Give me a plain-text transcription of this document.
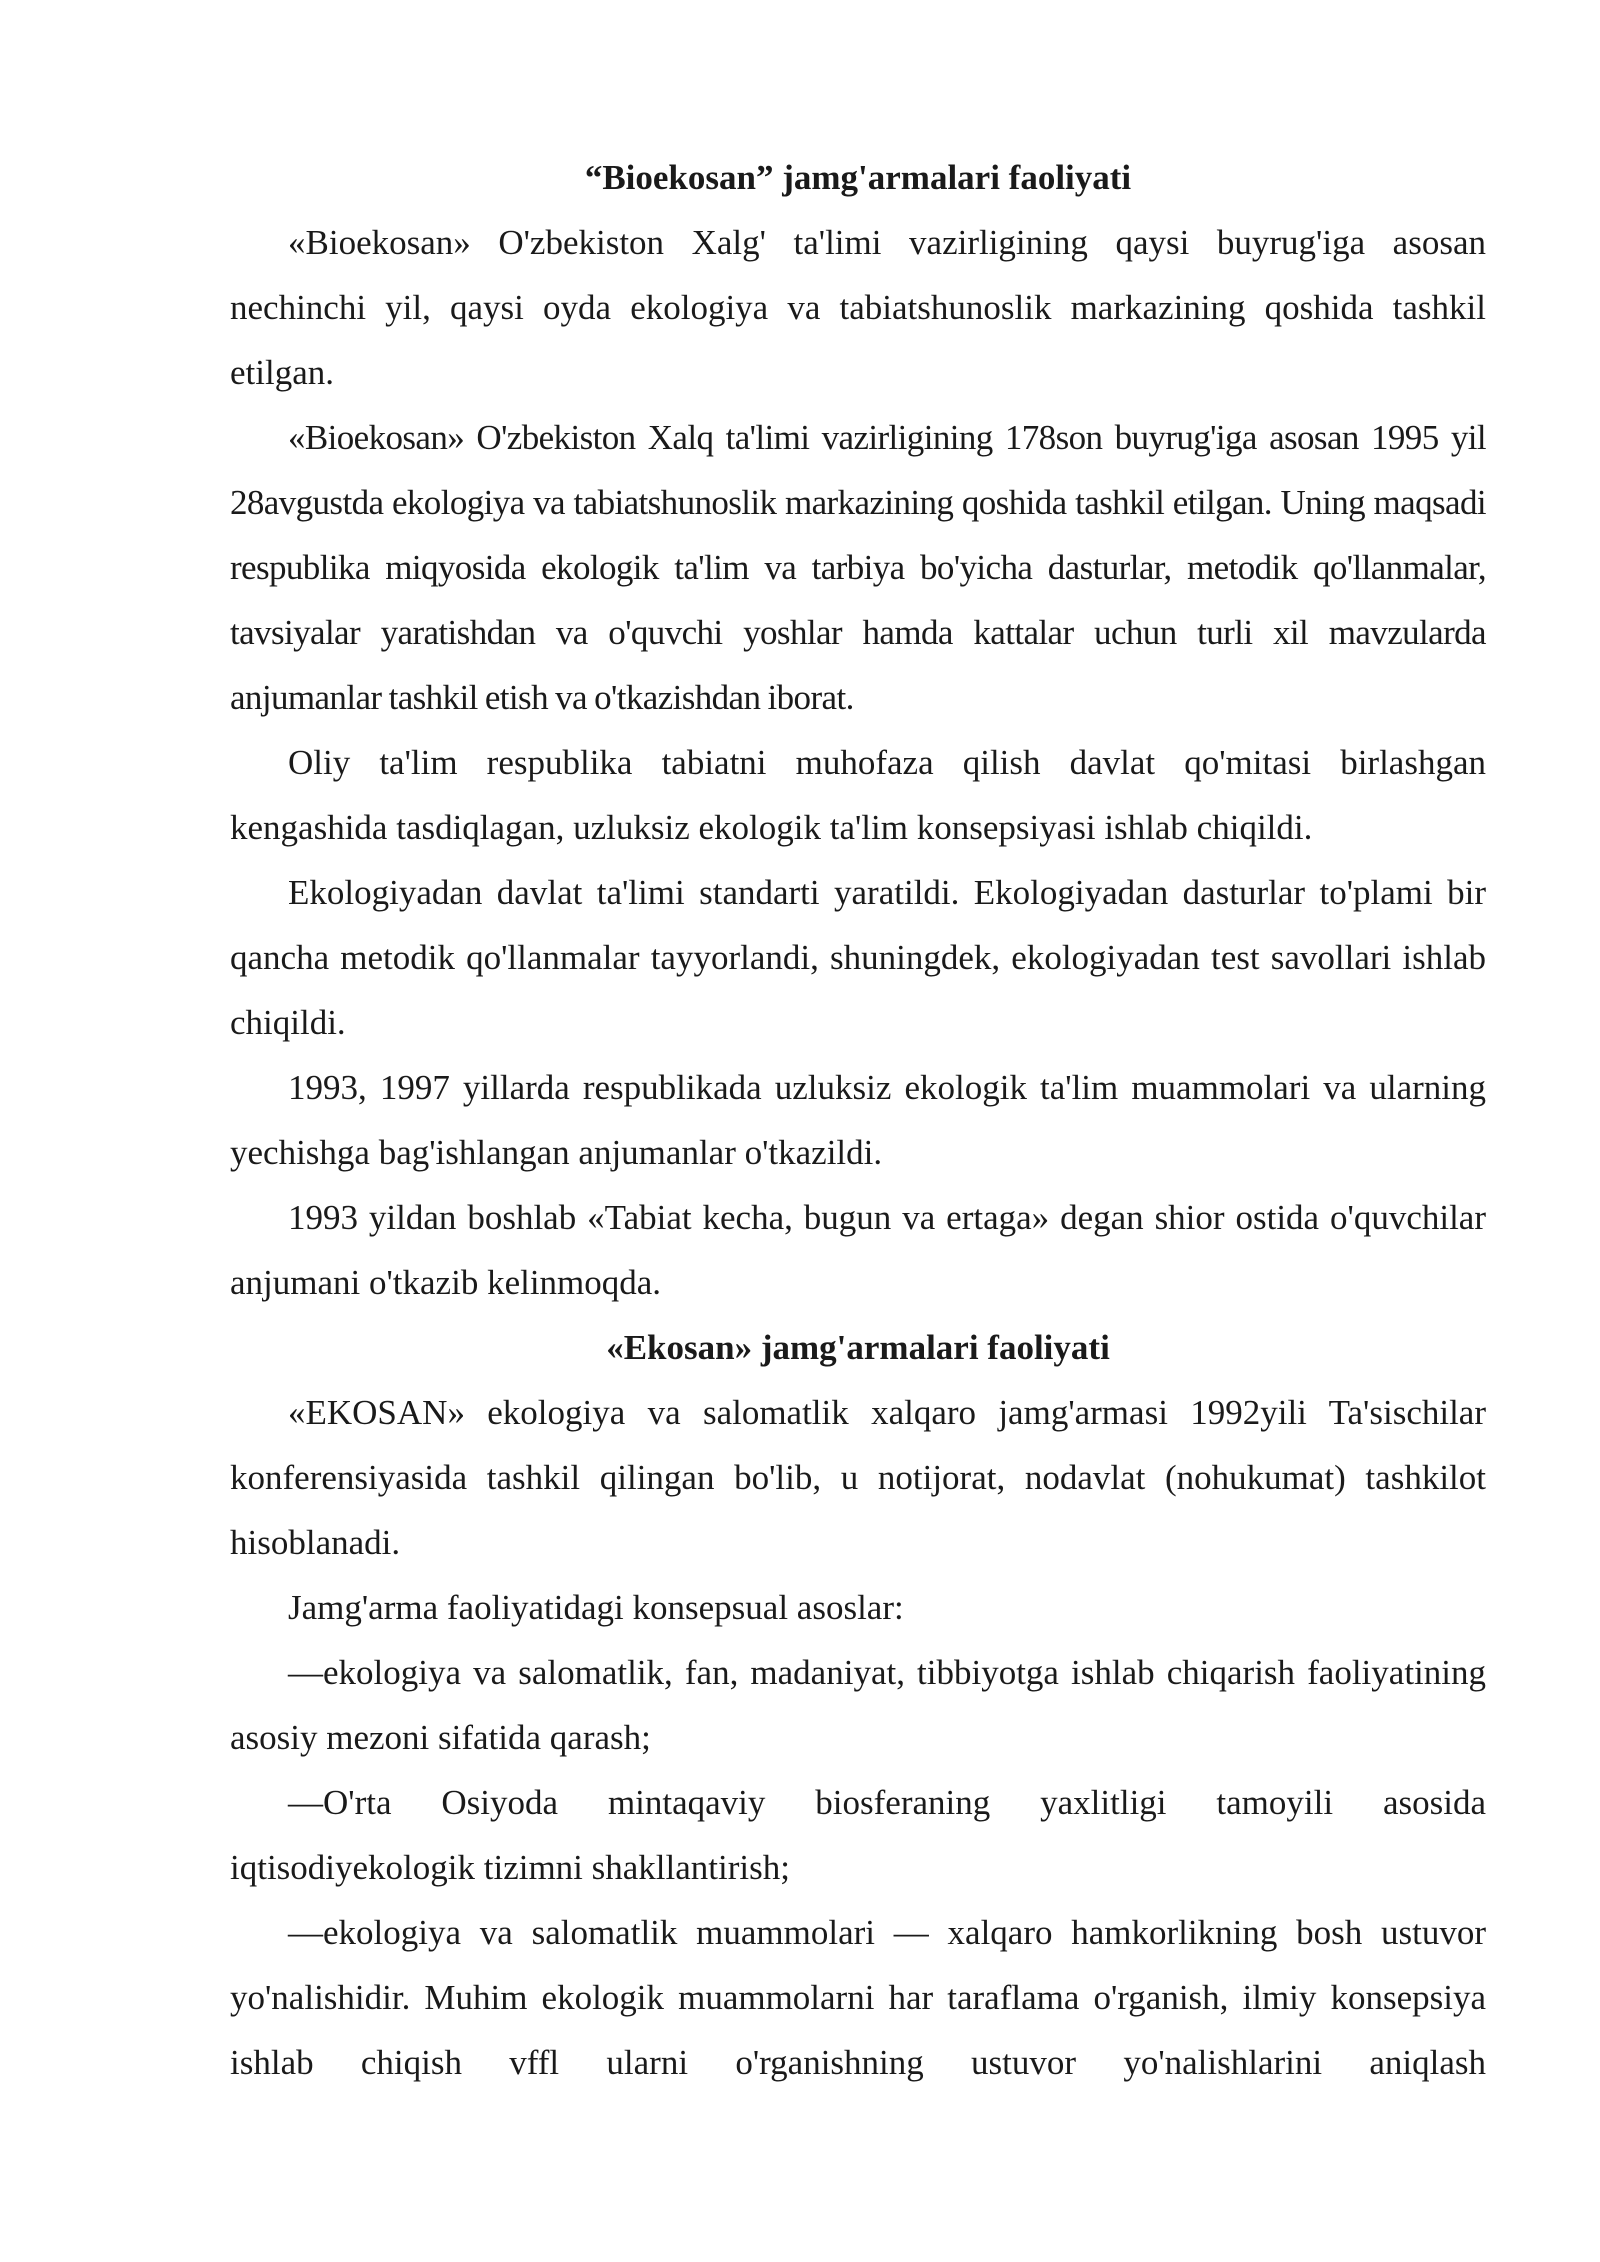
“Bioekosan” jamg'armalari faoliyati

«Bioekosan» O'zbekiston Xalg' ta'limi vazirligining qaysi buyrug'iga asosan nechinchi yil, qaysi oyda ekologiya va tabiatshunoslik markazining qoshida tashkil etilgan.

«Bioekosan» O'zbekiston Xalq ta'limi vazirligining 178son buyrug'iga asosan 1995 yil 28avgustda ekologiya va tabiatshunoslik markazining qoshida tashkil etilgan. Uning maqsadi respublika miqyosida ekologik ta'lim va tarbiya bo'yicha dasturlar, metodik qo'llanmalar, tavsiyalar yaratishdan va o'quvchi yoshlar hamda kattalar uchun turli xil mavzularda anjumanlar tashkil etish va o'tkazishdan iborat.

Oliy ta'lim respublika tabiatni muhofaza qilish davlat qo'mitasi birlashgan kengashida tasdiqlagan, uzluksiz ekologik ta'lim konsepsiyasi ishlab chiqildi.

Ekologiyadan davlat ta'limi standarti yaratildi. Ekologiyadan dasturlar to'plami bir qancha metodik qo'llanmalar tayyorlandi, shuningdek, ekologiyadan test savollari ishlab chiqildi.

1993, 1997 yillarda respublikada uzluksiz ekologik ta'lim muammolari va ularning yechishga bag'ishlangan anjumanlar o'tkazildi.

1993 yildan boshlab «Tabiat kecha, bugun va ertaga» degan shior ostida o'quvchilar anjumani o'tkazib kelinmoqda.

«Ekosan» jamg'armalari faoliyati

«EKOSAN» ekologiya va salomatlik xalqaro jamg'armasi 1992yili Ta'sischilar konferensiyasida tashkil qilingan bo'lib, u notijorat, nodavlat (nohukumat) tashkilot hisoblanadi.

Jamg'arma faoliyatidagi konsepsual asoslar:

—ekologiya va salomatlik, fan, madaniyat, tibbiyotga ishlab chiqarish faoliyatining asosiy mezoni sifatida qarash;

—O'rta Osiyoda mintaqaviy biosferaning yaxlitligi tamoyili asosida iqtisodiyekologik tizimni shakllantirish;

—ekologiya va salomatlik muammolari — xalqaro hamkorlikning bosh ustuvor yo'nalishidir. Muhim ekologik muammolarni har taraflama o'rganish, ilmiy konsepsiya ishlab chiqish vffl ularni o'rganishning ustuvor yo'nalishlarini aniqlash
